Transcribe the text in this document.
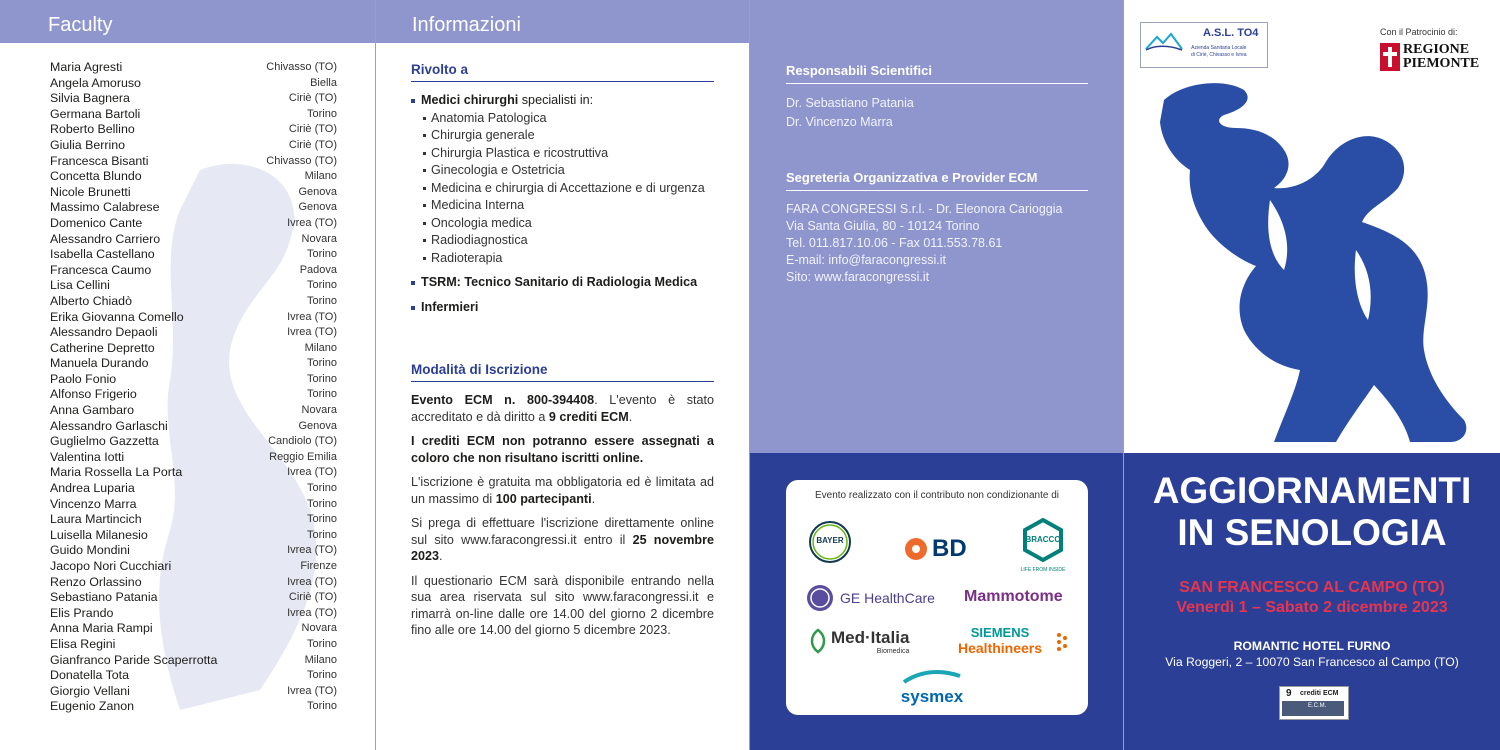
Faculty
Maria Agresti	Chivasso (TO)
Angela Amoruso	Biella
Silvia Bagnera	Ciriè (TO)
Germana Bartoli	Torino
Roberto Bellino	Ciriè (TO)
Giulia Berrino	Ciriè (TO)
Francesca Bisanti	Chivasso (TO)
Concetta Blundo	Milano
Nicole Brunetti	Genova
Massimo Calabrese	Genova
Domenico Cante	Ivrea (TO)
Alessandro Carriero	Novara
Isabella Castellano	Torino
Francesca Caumo	Padova
Lisa Cellini	Torino
Alberto Chiadò	Torino
Erika Giovanna Comello	Ivrea (TO)
Alessandro Depaoli	Ivrea (TO)
Catherine Depretto	Milano
Manuela Durando	Torino
Paolo Fonio	Torino
Alfonso Frigerio	Torino
Anna Gambaro	Novara
Alessandro Garlaschi	Genova
Guglielmo Gazzetta	Candiolo (TO)
Valentina Iotti	Reggio Emilia
Maria Rossella La Porta	Ivrea (TO)
Andrea Luparia	Torino
Vincenzo Marra	Torino
Laura Martincich	Torino
Luisella Milanesio	Torino
Guido Mondini	Ivrea (TO)
Jacopo Nori Cucchiari	Firenze
Renzo Orlassino	Ivrea (TO)
Sebastiano Patania	Ciriè (TO)
Elis Prando	Ivrea (TO)
Anna Maria Rampi	Novara
Elisa Regini	Torino
Gianfranco Paride Scaperrotta	Milano
Donatella Tota	Torino
Giorgio Vellani	Ivrea (TO)
Eugenio Zanon	Torino
Informazioni
Rivolto a
Medici chirurghi specialisti in:
Anatomia Patologica
Chirurgia generale
Chirurgia Plastica e ricostruttiva
Ginecologia e Ostetricia
Medicina e chirurgia di Accettazione e di urgenza
Medicina Interna
Oncologia medica
Radiodiagnostica
Radioterapia
TSRM: Tecnico Sanitario di Radiologia Medica
Infermieri
Modalità di Iscrizione
Evento ECM n. 800-394408. L'evento è stato accreditato e dà diritto a 9 crediti ECM.
I crediti ECM non potranno essere assegnati a coloro che non risultano iscritti online.
L'iscrizione è gratuita ma obbligatoria ed è limitata ad un massimo di 100 partecipanti.
Si prega di effettuare l'iscrizione direttamente online sul sito www.faracongressi.it entro il 25 novembre 2023.
Il questionario ECM sarà disponibile entrando nella sua area riservata sul sito www.faracongressi.it e rimarrà on-line dalle ore 14.00 del giorno 2 dicembre fino alle ore 14.00 del giorno 5 dicembre 2023.
Responsabili Scientifici
Dr. Sebastiano Patania
Dr. Vincenzo Marra
Segreteria Organizzativa e Provider ECM
FARA CONGRESSI S.r.l. - Dr. Eleonora Carioggia
Via Santa Giulia, 80 - 10124 Torino
Tel. 011.817.10.06 - Fax 011.553.78.61
E-mail: info@faracongressi.it
Sito: www.faracongressi.it
Evento realizzato con il contributo non condizionante di
BAYER	BD	BRACCO
LIFE FROM INSIDE
GE HealthCare Mammotome
Med·Italia
Biomedica
SIEMENS
Healthineers
sysmex
A.S.L. TO4
Azienda Sanitaria Locale
di Ciriè, Chivasso e Ivrea
Con il Patrocinio di:
REGIONE
PIEMONTE
AGGIORNAMENTI
IN SENOLOGIA
SAN FRANCESCO AL CAMPO (TO)
Venerdì 1 – Sabato 2 dicembre 2023
ROMANTIC HOTEL FURNO
Via Roggeri, 2 – 10070 San Francesco al Campo (TO)
9 crediti ECM
E.C.M.
